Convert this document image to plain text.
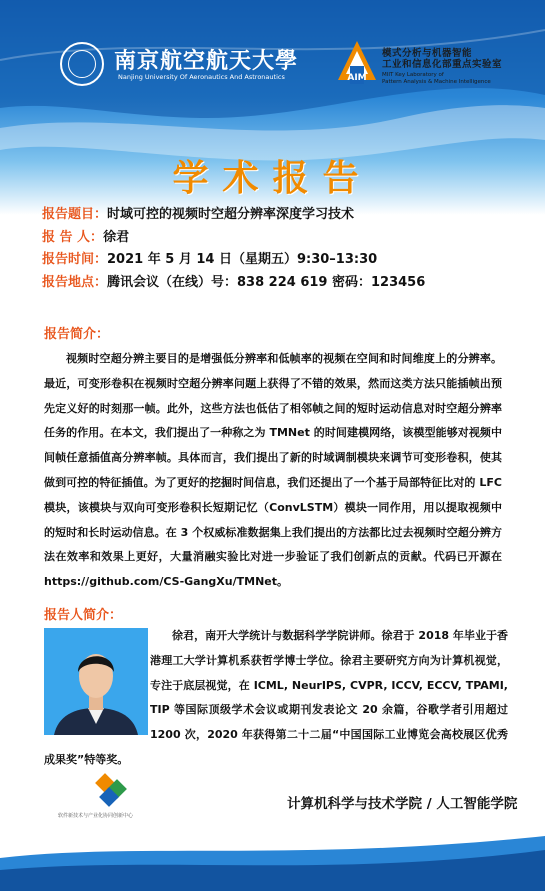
南京航空航天大學
Nanjing University Of Aeronautics And Astronautics	AIM
模式分析与机器智能
工业和信息化部重点实验室
MIIT Key Laboratory of
Pattern Analysis & Machine Intelligence
学术报告
报告题目：时域可控的视频时空超分辨率深度学习技术
报 告 人：徐君
报告时间：2021 年 5 月 14 日（星期五）9:30–13:30
报告地点：腾讯会议（在线）号：838 224 619 密码：123456
报告简介：
视频时空超分辨主要目的是增强低分辨率和低帧率的视频在空间和时间维度上的分辨率。最近，可变形卷积在视频时空超分辨率问题上获得了不错的效果，然而这类方法只能插帧出预先定义好的时刻那一帧。此外，这些方法也低估了相邻帧之间的短时运动信息对时空超分辨率任务的作用。在本文，我们提出了一种称之为 TMNet 的时间建模网络，该模型能够对视频中间帧任意插值高分辨率帧。具体而言，我们提出了新的时域调制模块来调节可变形卷积，使其做到可控的特征插值。为了更好的挖掘时间信息，我们还提出了一个基于局部特征比对的 LFC 模块，该模块与双向可变形卷积长短期记忆（ConvLSTM）模块一同作用，用以提取视频中的短时和长时运动信息。在 3 个权威标准数据集上我们提出的方法都比过去视频时空超分辨方法在效率和效果上更好，大量消融实验比对进一步验证了我们创新点的贡献。代码已开源在 https://github.com/CS-GangXu/TMNet。
报告人简介：
徐君，南开大学统计与数据科学学院讲师。徐君于 2018 年毕业于香港理工大学计算机系获哲学博士学位。徐君主要研究方向为计算机视觉，专注于底层视觉，在 ICML, NeurIPS, CVPR, ICCV, ECCV, TPAMI, TIP 等国际顶级学术会议或期刊发表论文 20 余篇，谷歌学者引用超过 1200 次，2020 年获得第二十二届“中国国际工业博览会高校展区优秀成果奖”特等奖。
软件新技术与产业化协同创新中心
计算机科学与技术学院 / 人工智能学院
